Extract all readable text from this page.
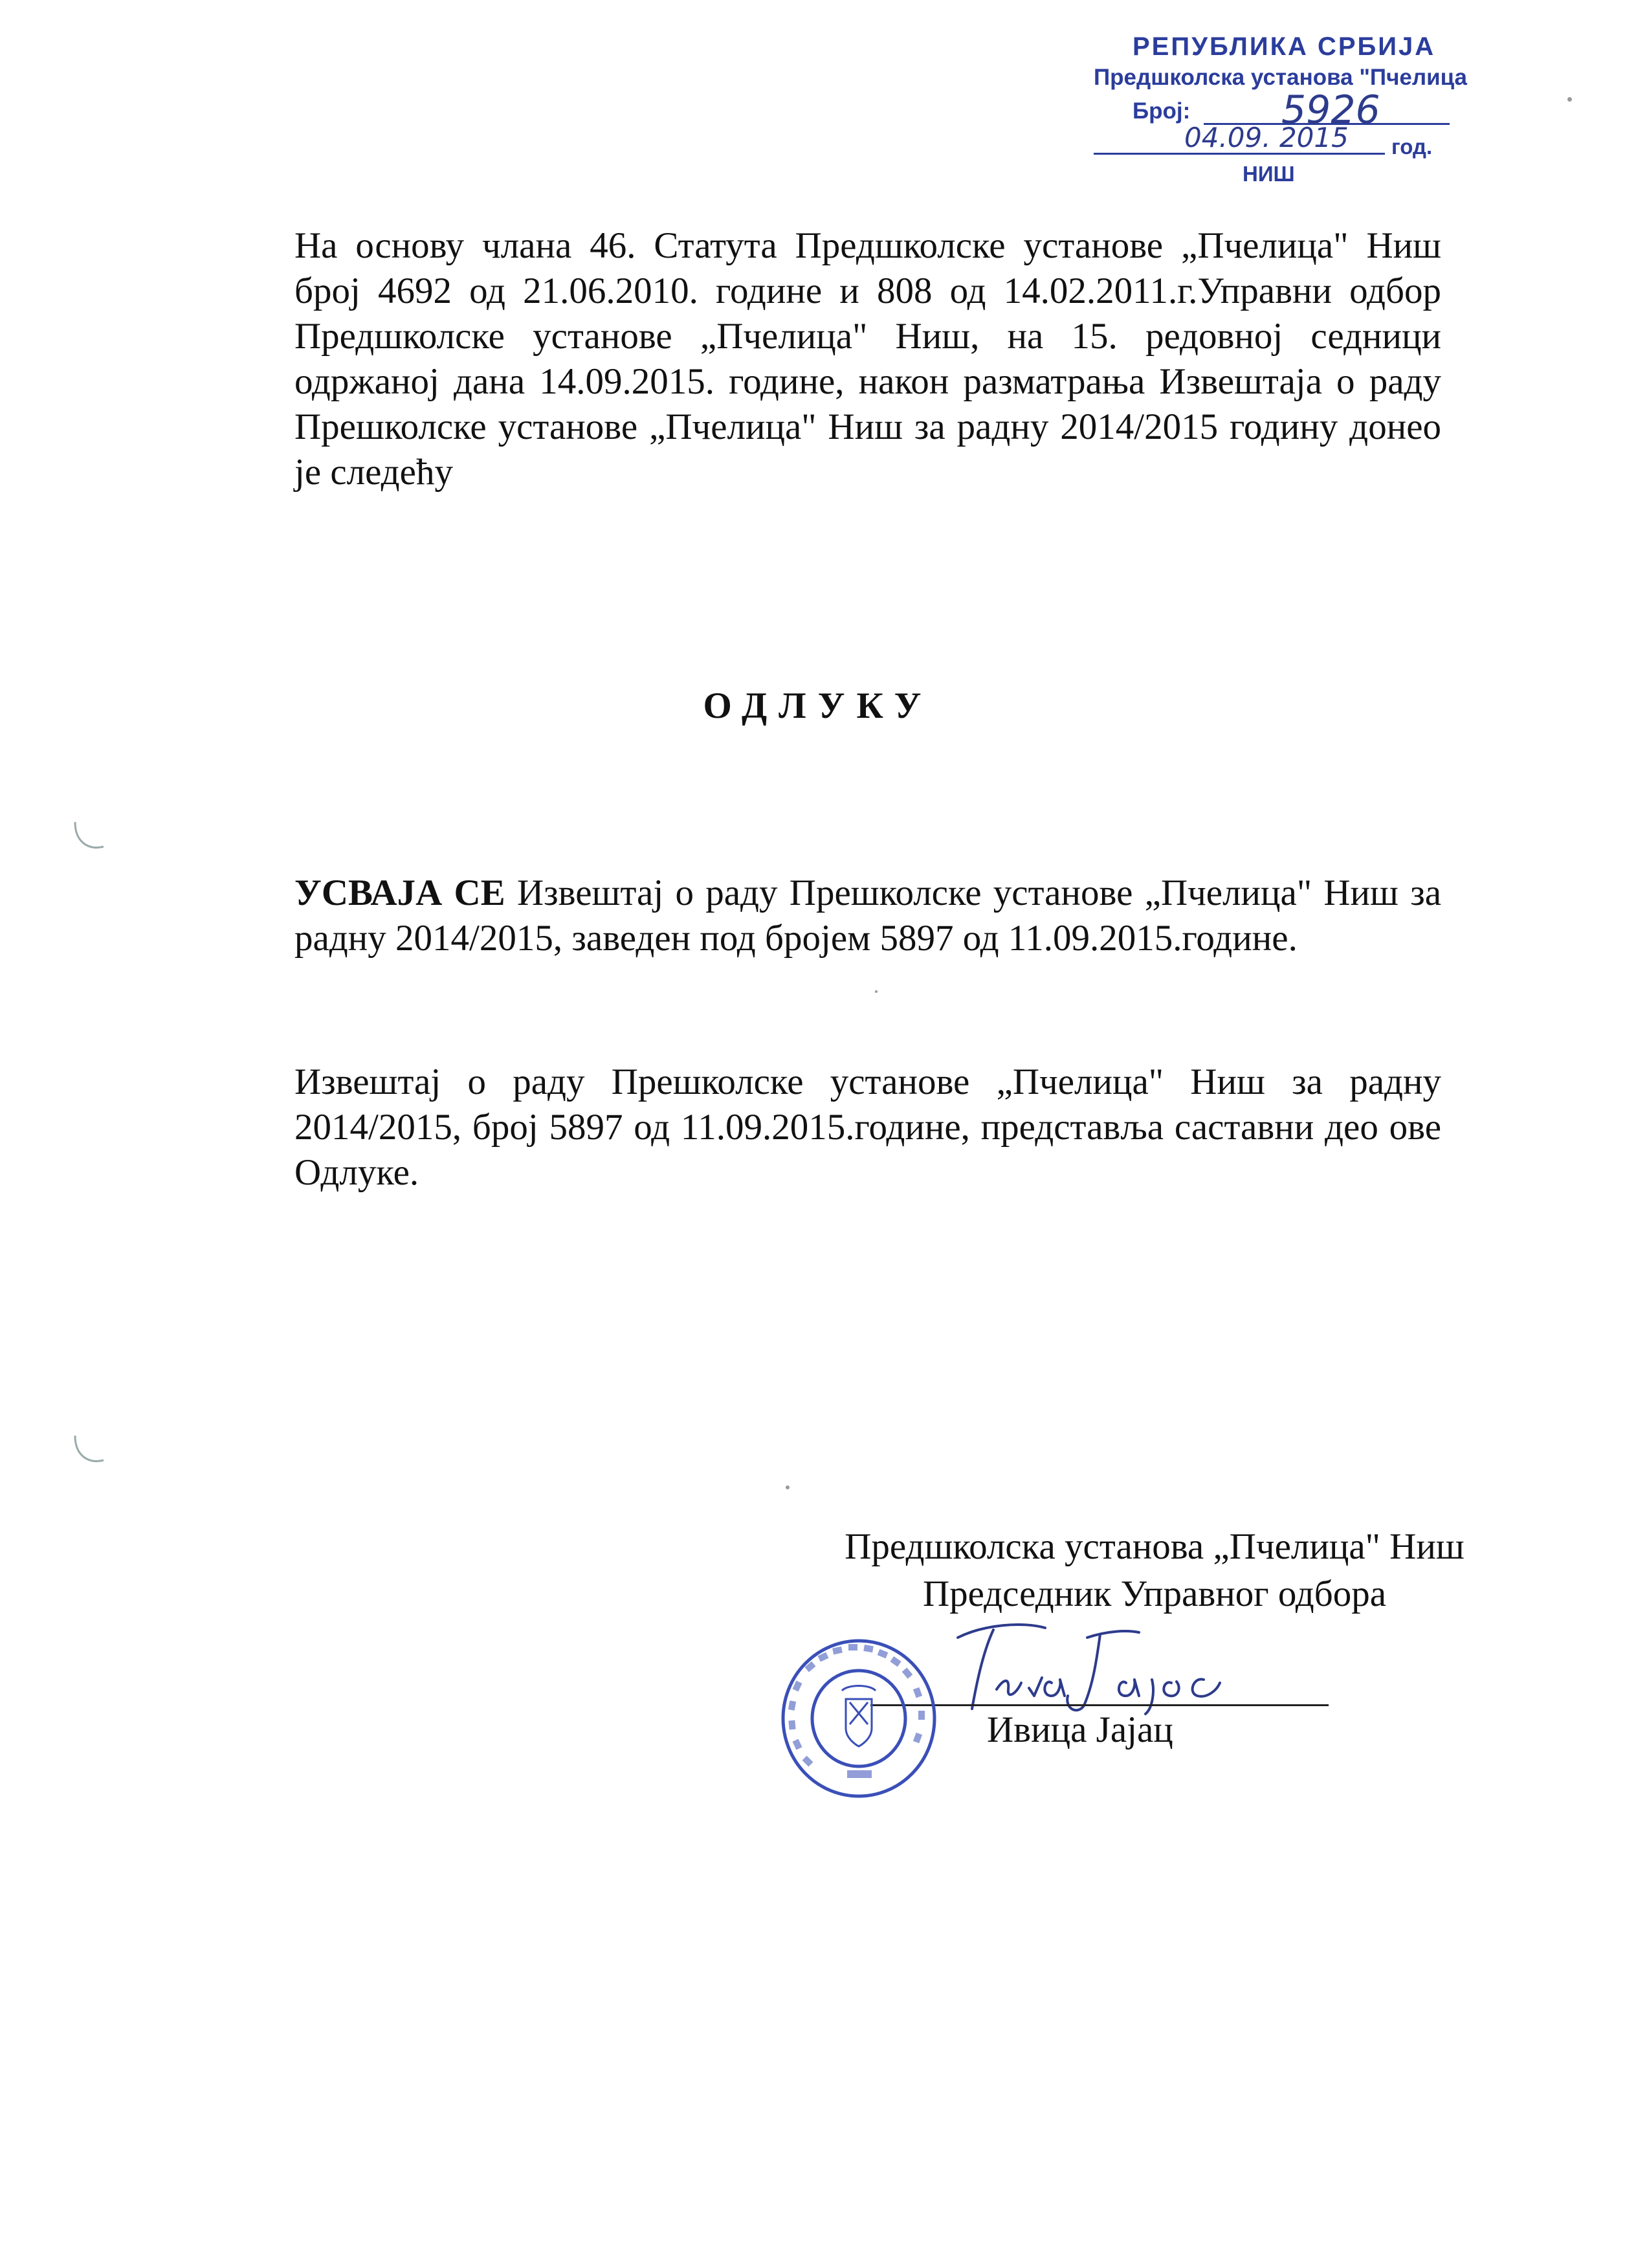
РЕПУБЛИКА СРБИЈА
Предшколска установа "Пчелица
Број: 5926
04.09. 2015 год.
НИШ
На основу члана 46. Статута Предшколске установе „Пчелица" Ниш број 4692 од 21.06.2010. године и 808 од 14.02.2011.г.Управни одбор Предшколске установе „Пчелица" Ниш, на 15. редовној седници одржаној дана 14.09.2015. године, након разматрања Извештаја о раду Прешколске установе „Пчелица" Ниш за радну 2014/2015 годину донео је следећу
ОДЛУКУ
УСВАЈА СЕ Извештај о раду Прешколске установе „Пчелица" Ниш за радну 2014/2015, заведен под бројем 5897 од 11.09.2015.године.
Извештај о раду Прешколске установе „Пчелица" Ниш за радну 2014/2015, број 5897 од 11.09.2015.године, представља саставни део ове Одлуке.
Предшколска установа „Пчелица" Ниш
Председник Управног одбора
Ивица Јајац
